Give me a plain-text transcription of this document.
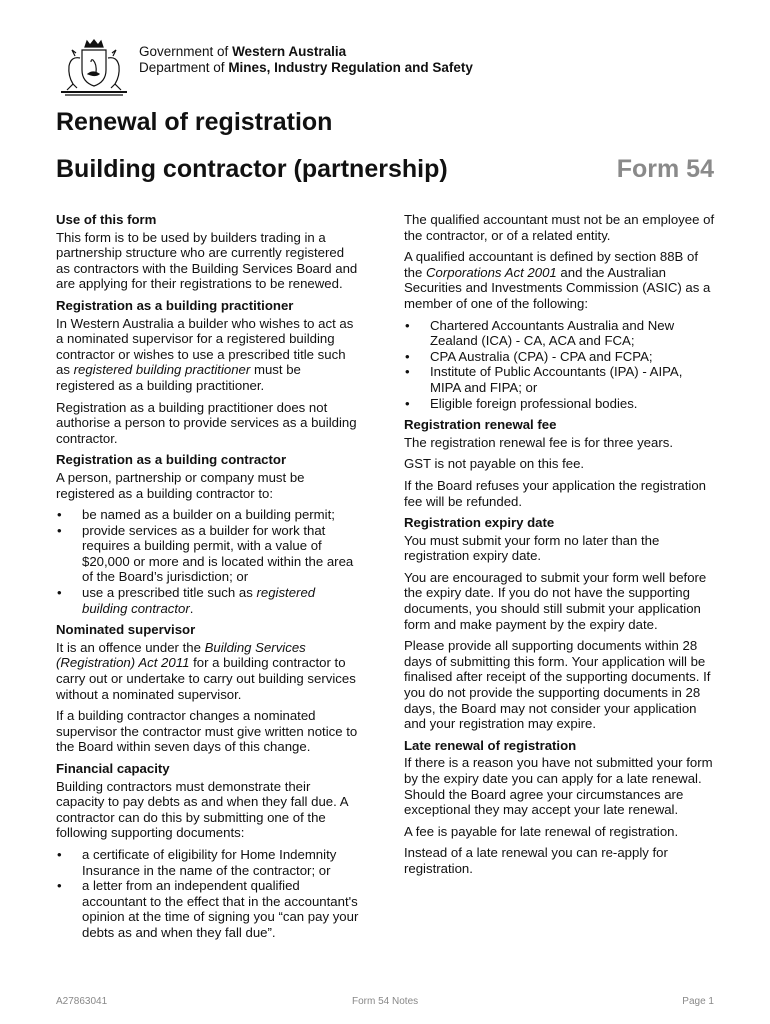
Government of Western Australia
Department of Mines, Industry Regulation and Safety
Renewal of registration
Building contractor (partnership)	Form 54
Use of this form

This form is to be used by builders trading in a partnership structure who are currently registered as contractors with the Building Services Board and are applying for their registrations to be renewed.

Registration as a building practitioner

In Western Australia a builder who wishes to act as a nominated supervisor for a registered building contractor or wishes to use a prescribed title such as registered building practitioner must be registered as a building practitioner.

Registration as a building practitioner does not authorise a person to provide services as a building contractor.

Registration as a building contractor

A person, partnership or company must be registered as a building contractor to:

• be named as a builder on a building permit;
• provide services as a builder for work that requires a building permit, with a value of $20,000 or more and is located within the area of the Board’s jurisdiction; or
• use a prescribed title such as registered building contractor.
Nominated supervisor

It is an offence under the Building Services (Registration) Act 2011 for a building contractor to carry out or undertake to carry out building services without a nominated supervisor.

If a building contractor changes a nominated supervisor the contractor must give written notice to the Board within seven days of this change.

Financial capacity

Building contractors must demonstrate their capacity to pay debts as and when they fall due. A contractor can do this by submitting one of the following supporting documents:

• a certificate of eligibility for Home Indemnity Insurance in the name of the contractor; or
• a letter from an independent qualified accountant to the effect that in the accountant's opinion at the time of signing you “can pay your debts as and when they fall due”.

The qualified accountant must not be an employee of the contractor, or of a related entity.

A qualified accountant is defined by section 88B of the Corporations Act 2001 and the Australian Securities and Investments Commission (ASIC) as a member of one of the following:

• Chartered Accountants Australia and New Zealand (ICA) - CA, ACA and FCA;
• CPA Australia (CPA) - CPA and FCPA;
• Institute of Public Accountants (IPA) - AIPA, MIPA and FIPA; or
• Eligible foreign professional bodies.
Registration renewal fee

The registration renewal fee is for three years.

GST is not payable on this fee.

If the Board refuses your application the registration fee will be refunded.

Registration expiry date

You must submit your form no later than the registration expiry date.

You are encouraged to submit your form well before the expiry date. If you do not have the supporting documents, you should still submit your application form and make payment by the expiry date.

Please provide all supporting documents within 28 days of submitting this form. Your application will be finalised after receipt of the supporting documents. If you do not provide the supporting documents in 28 days, the Board may not consider your application and your registration may expire.

Late renewal of registration

If there is a reason you have not submitted your form by the expiry date you can apply for a late renewal. Should the Board agree your circumstances are exceptional they may accept your late renewal.

A fee is payable for late renewal of registration.

Instead of a late renewal you can re-apply for registration.

A27863041	Form 54 Notes	Page 1
